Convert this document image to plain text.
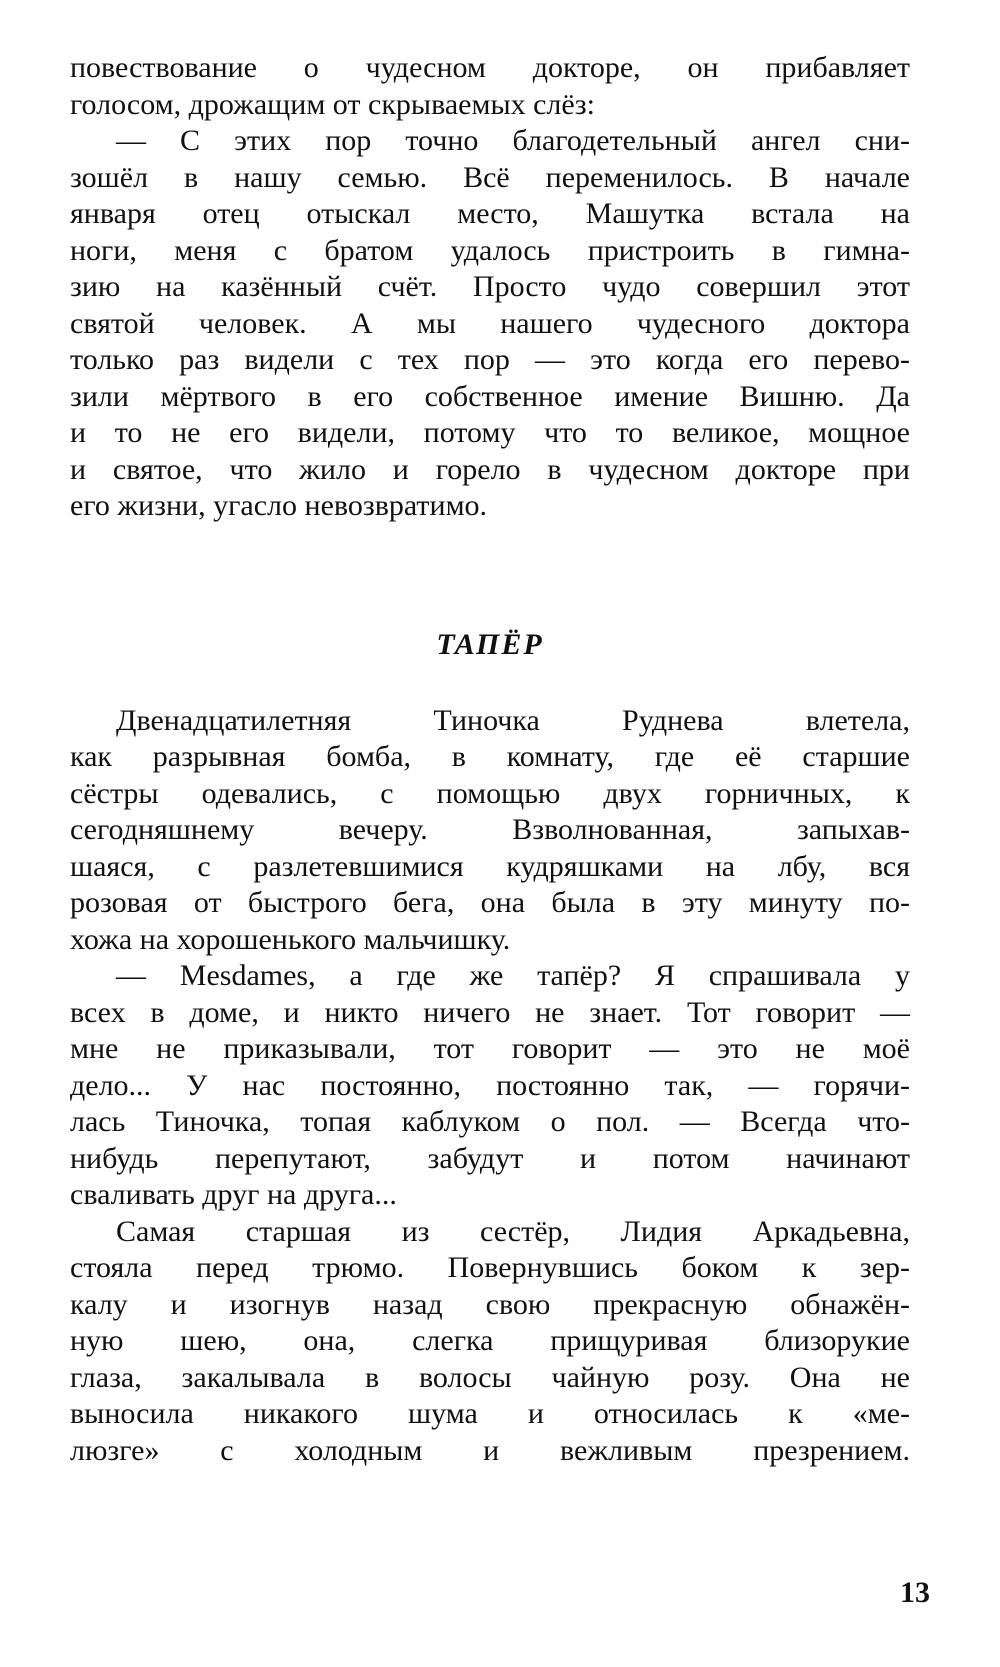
повествование о чудесном докторе, он прибавляет
голосом, дрожащим от скрываемых слёз:
— С этих пор точно благодетельный ангел сни-
зошёл в нашу семью. Всё переменилось. В начале
января отец отыскал место, Машутка встала на
ноги, меня с братом удалось пристроить в гимна-
зию на казённый счёт. Просто чудо совершил этот
святой человек. А мы нашего чудесного доктора
только раз видели с тех пор — это когда его перево-
зили мёртвого в его собственное имение Вишню. Да
и то не его видели, потому что то великое, мощное
и святое, что жило и горело в чудесном докторе при
его жизни, угасло невозвратимо.
ТАПЁР
Двенадцатилетняя Тиночка Руднева влетела,
как разрывная бомба, в комнату, где её старшие
сёстры одевались, с помощью двух горничных, к
сегодняшнему вечеру. Взволнованная, запыхав-
шаяся, с разлетевшимися кудряшками на лбу, вся
розовая от быстрого бега, она была в эту минуту по-
хожа на хорошенького мальчишку.
— Mesdames, а где же тапёр? Я спрашивала у
всех в доме, и никто ничего не знает. Тот говорит —
мне не приказывали, тот говорит — это не моё
дело... У нас постоянно, постоянно так, — горячи-
лась Тиночка, топая каблуком о пол. — Всегда что-
нибудь перепутают, забудут и потом начинают
сваливать друг на друга...
Самая старшая из сестёр, Лидия Аркадьевна,
стояла перед трюмо. Повернувшись боком к зер-
калу и изогнув назад свою прекрасную обнажён-
ную шею, она, слегка прищуривая близорукие
глаза, закалывала в волосы чайную розу. Она не
выносила никакого шума и относилась к «ме-
люзге» с холодным и вежливым презрением.
13
